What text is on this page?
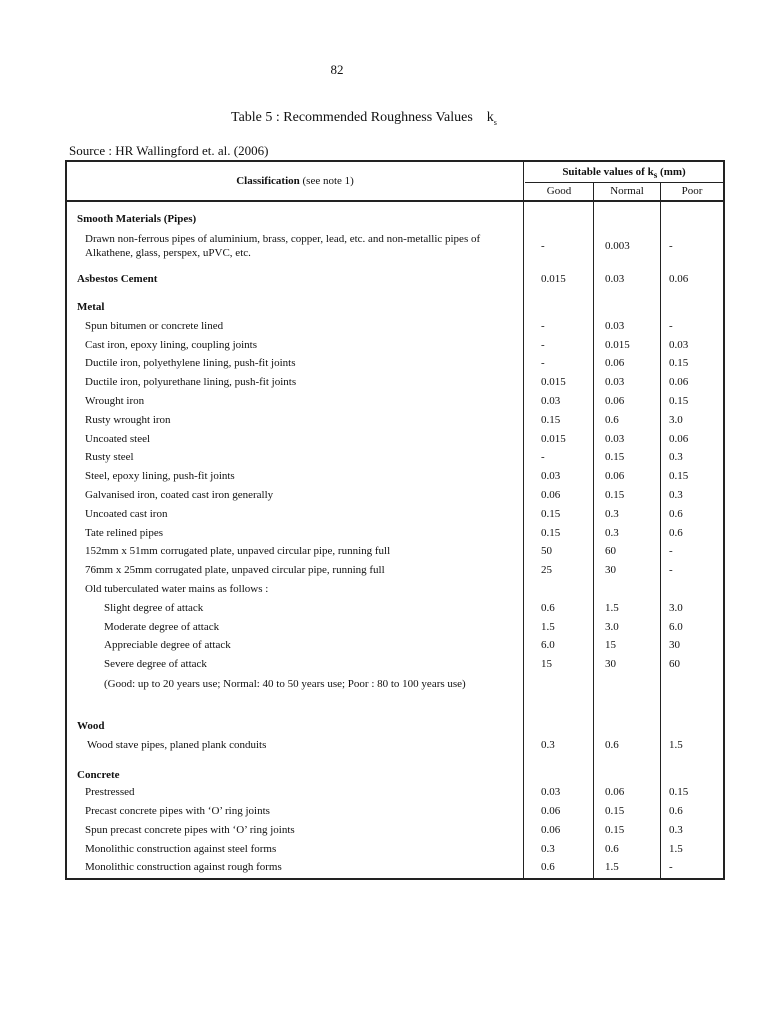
82
Table 5 : Recommended Roughness Values $k_s$
Source : HR Wallingford et. al. (2006)
Classification
(see note 1)
Suitable values of $k_s$ (mm)
Good	Normal	Poor
Smooth Materials (Pipes)
Drawn non-ferrous pipes of aluminium, brass, copper, lead, etc. and non-metallic pipes of Alkathene, glass, perspex, uPVC, etc.
-	0.003	-
Asbestos Cement	0.015	0.03	0.06
Metal
Spun bitumen or concrete lined	-	0.03	-
Cast iron, epoxy lining, coupling joints	-	0.015	0.03
Ductile iron, polyethylene lining, push-fit joints	-	0.06	0.15
Ductile iron, polyurethane lining, push-fit joints	0.015	0.03	0.06
Wrought iron	0.03	0.06	0.15
Rusty wrought iron	0.15	0.6	3.0
Uncoated steel	0.015	0.03	0.06
Rusty steel	-	0.15	0.3
Steel, epoxy lining, push-fit joints	0.03	0.06	0.15
Galvanised iron, coated cast iron generally	0.06	0.15	0.3
Uncoated cast iron	0.15	0.3	0.6
Tate relined pipes	0.15	0.3	0.6
152mm x 51mm corrugated plate, unpaved circular pipe, running full	50	60	-
76mm x 25mm corrugated plate, unpaved circular pipe, running full	25	30	-
Old tuberculated water mains as follows :
Slight degree of attack	0.6	1.5	3.0
Moderate degree of attack	1.5	3.0	6.0
Appreciable degree of attack	6.0	15	30
Severe degree of attack	15	30	60
(Good: up to 20 years use; Normal: 40 to 50 years use; Poor : 80 to 100 years use)
Wood
Wood stave pipes, planed plank conduits	0.3	0.6	1.5
Concrete
Prestressed	0.03	0.06	0.15
Precast concrete pipes with ‘O’ ring joints	0.06	0.15	0.6
Spun precast concrete pipes with ‘O’ ring joints	0.06	0.15	0.3
Monolithic construction against steel forms	0.3	0.6	1.5
Monolithic construction against rough forms	0.6	1.5	-
